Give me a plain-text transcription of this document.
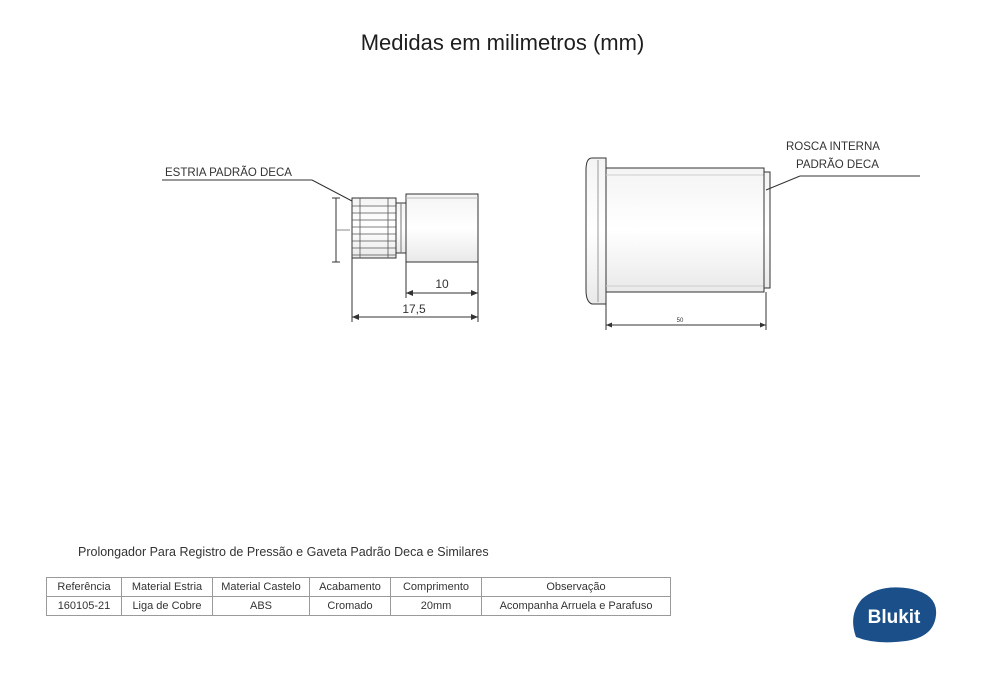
Medidas em milimetros (mm)
ESTRIA PADRÃO DECA
10
17,5
ROSCA INTERNA
PADRÃO DECA
50
Prolongador Para Registro de Pressão e Gaveta Padrão Deca e Similares
Referência	Material Estria	Material Castelo	Acabamento	Comprimento	Observação
160105-21	Liga de Cobre	ABS	Cromado	20mm	Acompanha Arruela e Parafuso
Blukit
